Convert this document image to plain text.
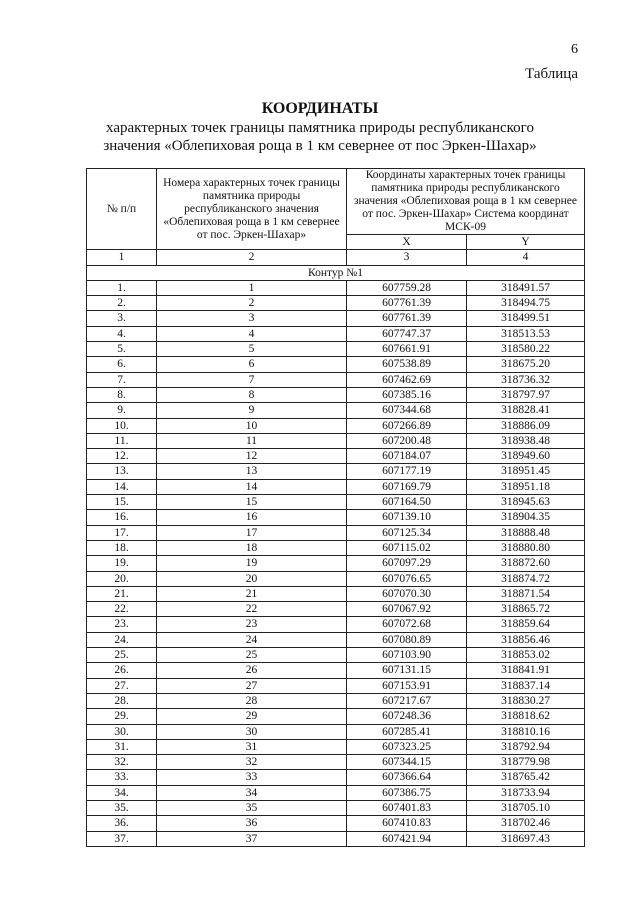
6
Таблица
КООРДИНАТЫ
характерных точек границы памятника природы республиканского
значения «Облепиховая роща в 1 км севернее от пос Эркен-Шахар»
№ п/п	Номера характерных точек границы памятника природы республиканского значения «Облепиховая роща в 1 км севернее от пос. Эркен-Шахар»	Координаты характерных точек границы памятника природы республиканского значения «Облепиховая роща в 1 км севернее от пос. Эркен-Шахар» Система координат МСК-09	
		X	Y
1	2	3	4
Контур №1			
1.	1	607759.28	318491.57
2.	2	607761.39	318494.75
3.	3	607761.39	318499.51
4.	4	607747.37	318513.53
5.	5	607661.91	318580.22
6.	6	607538.89	318675.20
7.	7	607462.69	318736.32
8.	8	607385.16	318797.97
9.	9	607344.68	318828.41
10.	10	607266.89	318886.09
11.	11	607200.48	318938.48
12.	12	607184.07	318949.60
13.	13	607177.19	318951.45
14.	14	607169.79	318951.18
15.	15	607164.50	318945.63
16.	16	607139.10	318904.35
17.	17	607125.34	318888.48
18.	18	607115.02	318880.80
19.	19	607097.29	318872.60
20.	20	607076.65	318874.72
21.	21	607070.30	318871.54
22.	22	607067.92	318865.72
23.	23	607072.68	318859.64
24.	24	607080.89	318856.46
25.	25	607103.90	318853.02
26.	26	607131.15	318841.91
27.	27	607153.91	318837.14
28.	28	607217.67	318830.27
29.	29	607248.36	318818.62
30.	30	607285.41	318810.16
31.	31	607323.25	318792.94
32.	32	607344.15	318779.98
33.	33	607366.64	318765.42
34.	34	607386.75	318733.94
35.	35	607401.83	318705.10
36.	36	607410.83	318702.46
37.	37	607421.94	318697.43
